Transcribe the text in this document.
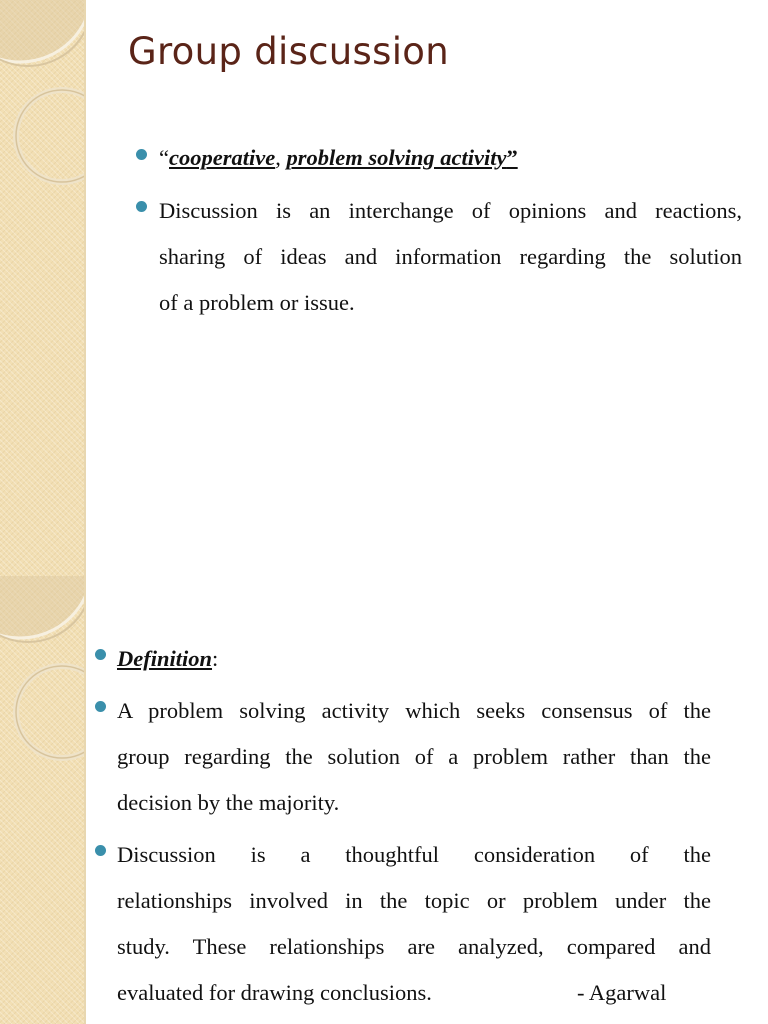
Group discussion
“cooperative, problem solving activity”
Discussion is an interchange of opinions and reactions,
sharing of ideas and information regarding the solution
of a problem or issue.
Definition:
A problem solving activity which seeks consensus of the
group regarding the solution of a problem rather than the
decision by the majority.
Discussion is a thoughtful consideration of the
relationships involved in the topic or problem under the
study. These relationships are analyzed, compared and
evaluated for drawing conclusions.	- Agarwal
